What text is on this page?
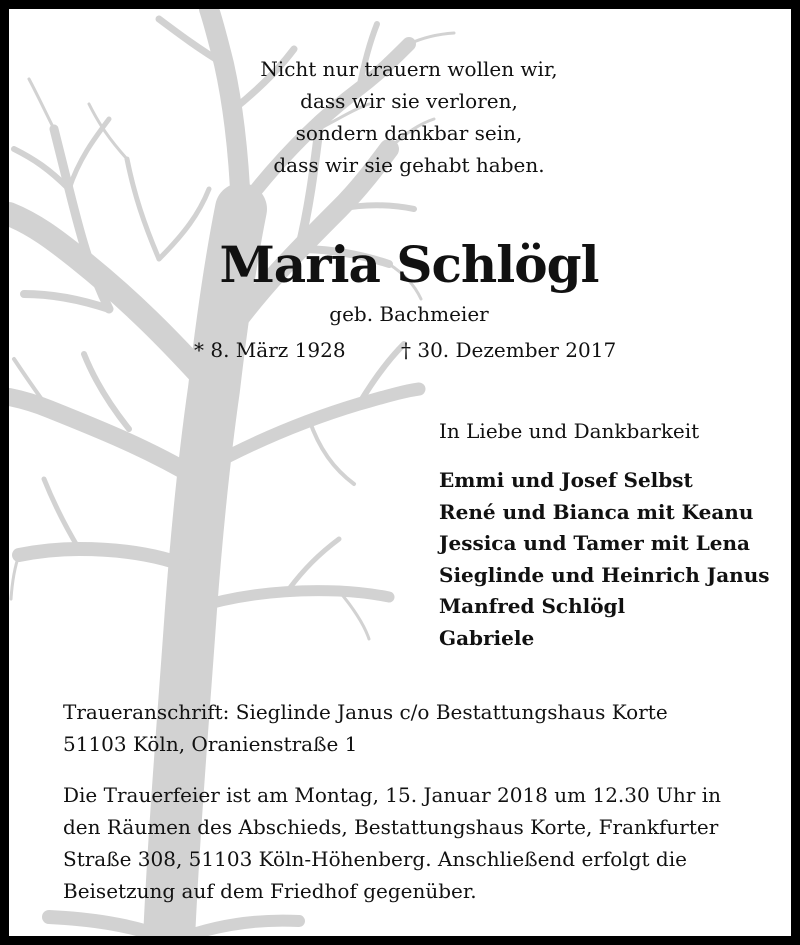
Nicht nur trauern wollen wir,
dass wir sie verloren,
sondern dankbar sein,
dass wir sie gehabt haben.
Maria Schlögl
geb. Bachmeier
* 8. März 1928	† 30. Dezember 2017
In Liebe und Dankbarkeit
Emmi und Josef Selbst
René und Bianca mit Keanu
Jessica und Tamer mit Lena
Sieglinde und Heinrich Janus
Manfred Schlögl
Gabriele
Traueranschrift: Sieglinde Janus c/o Bestattungshaus Korte
51103 Köln, Oranienstraße 1
Die Trauerfeier ist am Montag, 15. Januar 2018 um 12.30 Uhr in
den Räumen des Abschieds, Bestattungshaus Korte, Frankfurter
Straße 308, 51103 Köln-Höhenberg. Anschließend erfolgt die
Beisetzung auf dem Friedhof gegenüber.
